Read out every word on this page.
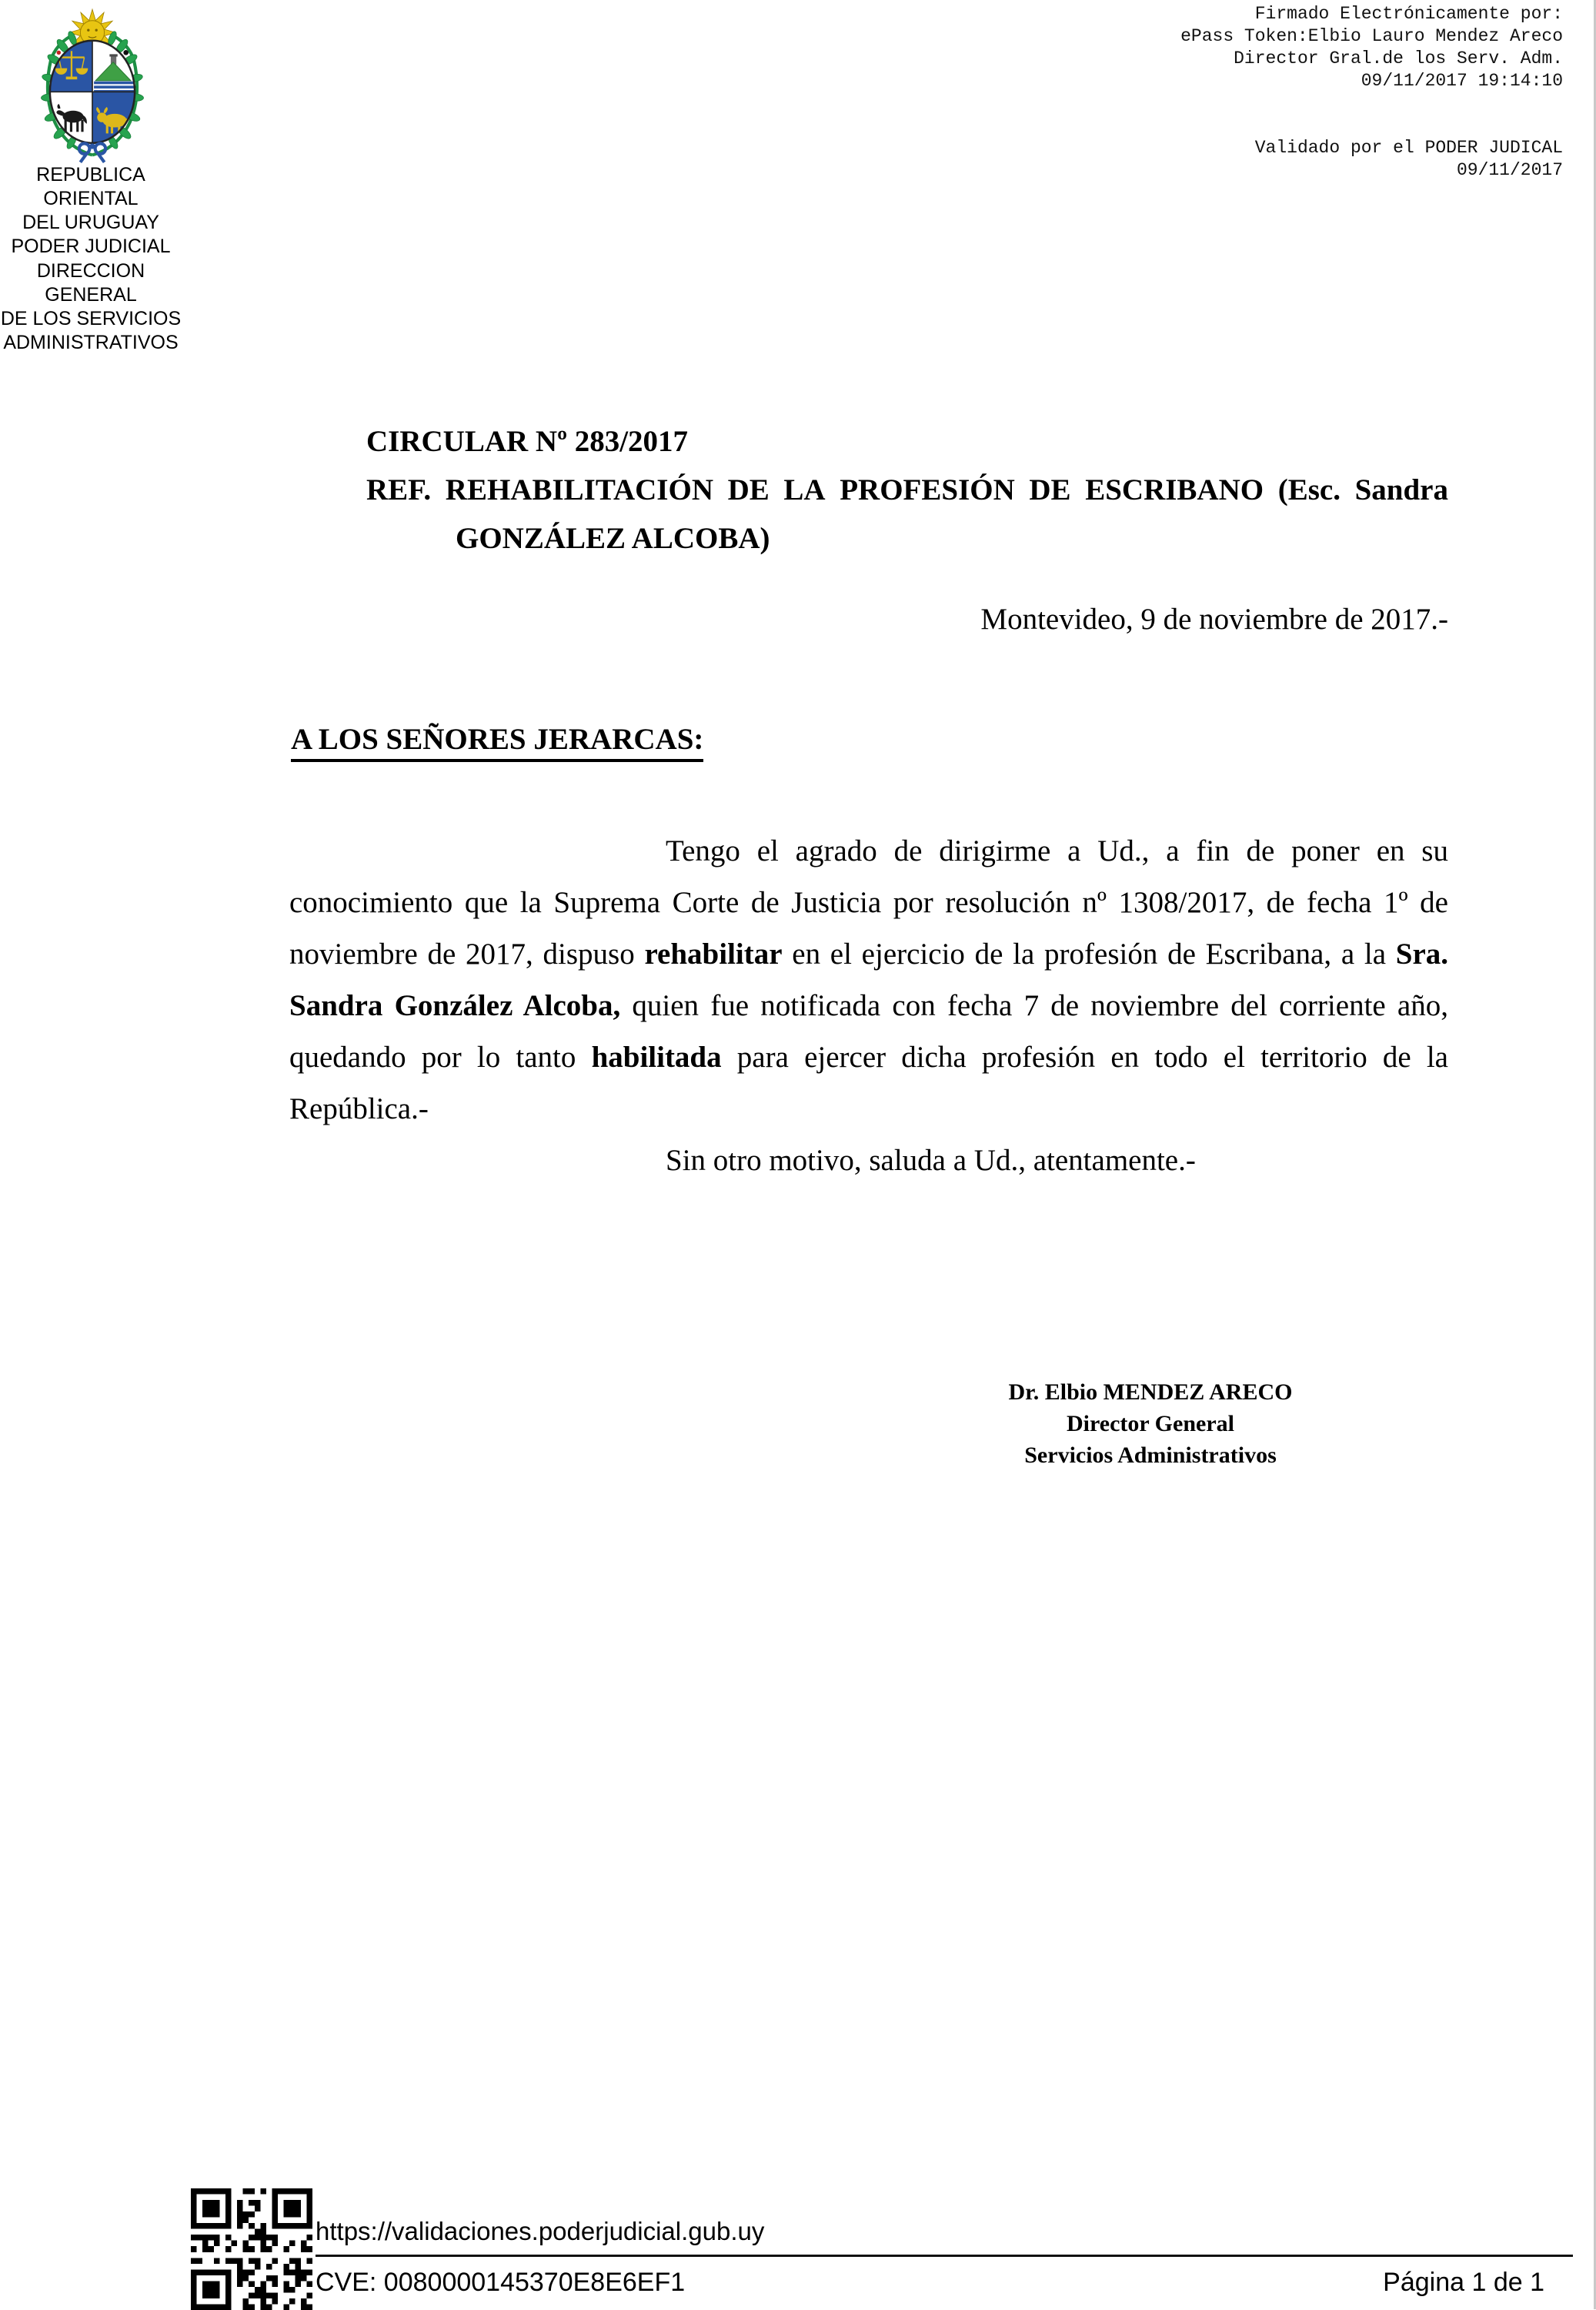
Firmado Electrónicamente por:
ePass Token:Elbio Lauro Mendez Areco
Director Gral.de los Serv. Adm.
09/11/2017 19:14:10
Validado por el PODER JUDICAL
09/11/2017
REPUBLICA ORIENTAL
DEL URUGUAY
PODER JUDICIAL
DIRECCION GENERAL
DE LOS SERVICIOS
ADMINISTRATIVOS
CIRCULAR Nº 283/2017
REF. REHABILITACIÓN DE LA PROFESIÓN DE ESCRIBANO (Esc. Sandra
GONZÁLEZ ALCOBA)
Montevideo, 9 de noviembre de 2017.-
A LOS SEÑORES JERARCAS:

Tengo el agrado de dirigirme a Ud., a fin de poner en su conocimiento que la Suprema Corte de Justicia por resolución nº 1308/2017, de fecha 1º de noviembre de 2017, dispuso rehabilitar en el ejercicio de la profesión de Escribana, a la Sra. Sandra González Alcoba, quien fue notificada con fecha 7 de noviembre del corriente año, quedando por lo tanto habilitada para ejercer dicha profesión en todo el territorio de la República.-

Sin otro motivo, saluda a Ud., atentamente.-

Dr. Elbio MENDEZ ARECO
Director General
Servicios Administrativos
https://validaciones.poderjudicial.gub.uy
CVE: 0080000145370E8E6EF1	Página 1 de 1
